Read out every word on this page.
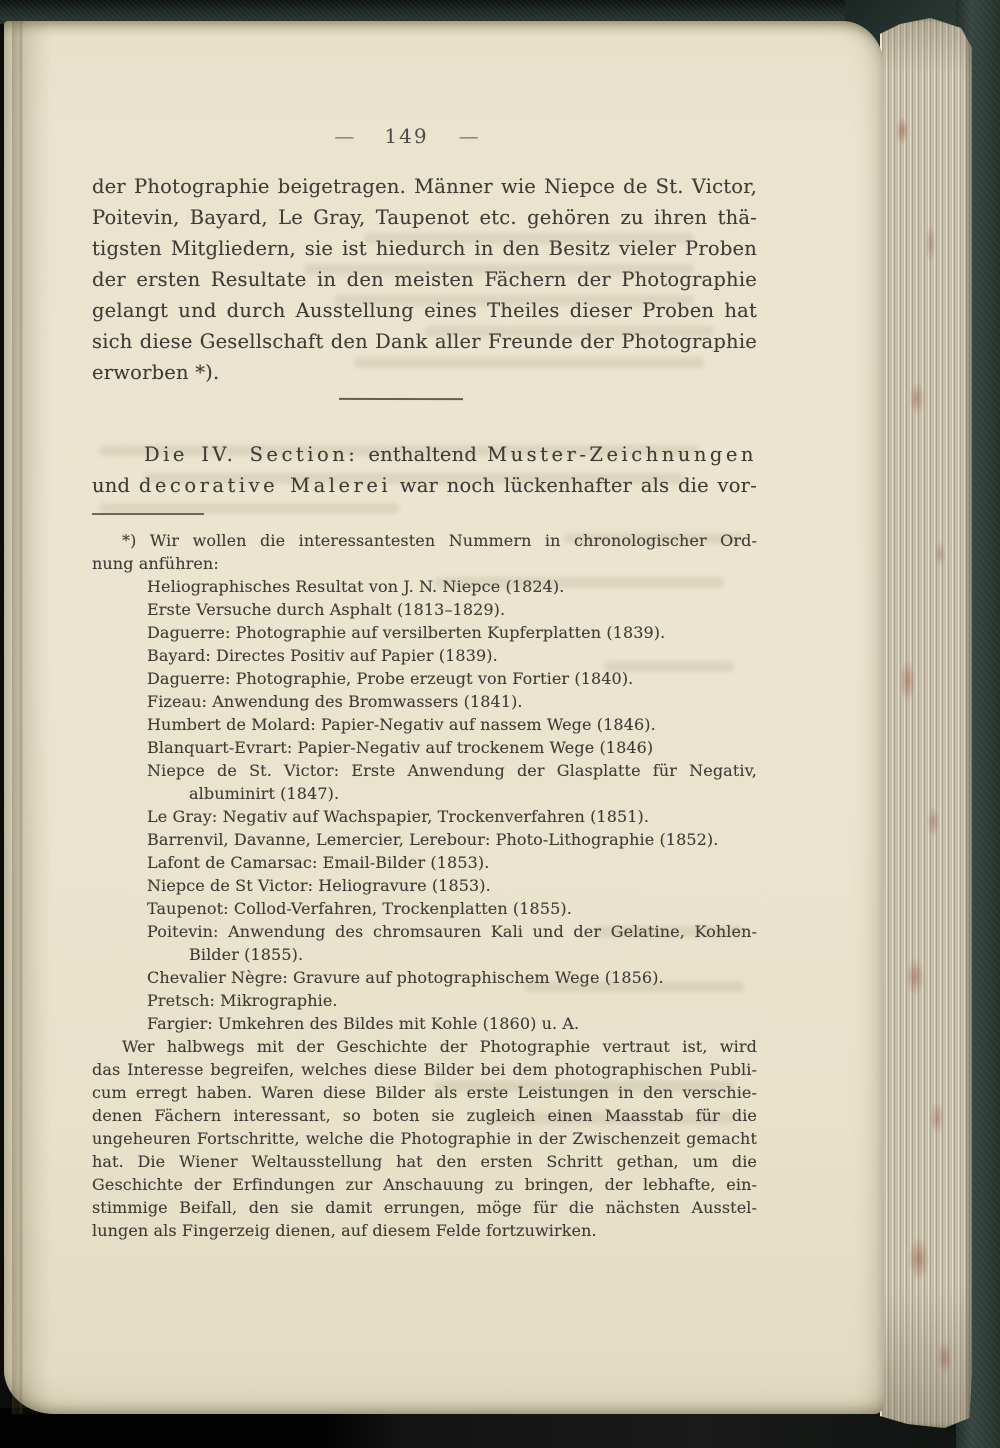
— 149 —
der Photographie beigetragen. Männer wie Niepce de St. Victor,
Poitevin, Bayard, Le Gray, Taupenot etc. gehören zu ihren thä-
tigsten Mitgliedern, sie ist hiedurch in den Besitz vieler Proben
der ersten Resultate in den meisten Fächern der Photographie
gelangt und durch Ausstellung eines Theiles dieser Proben hat
sich diese Gesellschaft den Dank aller Freunde der Photographie
erworben *).
Die IV. Section: enthaltend Muster-Zeichnungen
und decorative Malerei war noch lückenhafter als die vor-
*) Wir wollen die interessantesten Nummern in chronologischer Ord-
nung anführen:
Heliographisches Resultat von J. N. Niepce (1824).
Erste Versuche durch Asphalt (1813–1829).
Daguerre: Photographie auf versilberten Kupferplatten (1839).
Bayard: Directes Positiv auf Papier (1839).
Daguerre: Photographie, Probe erzeugt von Fortier (1840).
Fizeau: Anwendung des Bromwassers (1841).
Humbert de Molard: Papier-Negativ auf nassem Wege (1846).
Blanquart-Evrart: Papier-Negativ auf trockenem Wege (1846)
Niepce de St. Victor: Erste Anwendung der Glasplatte für Negativ,
albuminirt (1847).
Le Gray: Negativ auf Wachspapier, Trockenverfahren (1851).
Barrenvil, Davanne, Lemercier, Lerebour: Photo-Lithographie (1852).
Lafont de Camarsac: Email-Bilder (1853).
Niepce de St Victor: Heliogravure (1853).
Taupenot: Collod-Verfahren, Trockenplatten (1855).
Poitevin: Anwendung des chromsauren Kali und der Gelatine, Kohlen-
Bilder (1855).
Chevalier Nègre: Gravure auf photographischem Wege (1856).
Pretsch: Mikrographie.
Fargier: Umkehren des Bildes mit Kohle (1860) u. A.
Wer halbwegs mit der Geschichte der Photographie vertraut ist, wird
das Interesse begreifen, welches diese Bilder bei dem photographischen Publi-
cum erregt haben. Waren diese Bilder als erste Leistungen in den verschie-
denen Fächern interessant, so boten sie zugleich einen Maasstab für die
ungeheuren Fortschritte, welche die Photographie in der Zwischenzeit gemacht
hat. Die Wiener Weltausstellung hat den ersten Schritt gethan, um die
Geschichte der Erfindungen zur Anschauung zu bringen, der lebhafte, ein-
stimmige Beifall, den sie damit errungen, möge für die nächsten Ausstel-
lungen als Fingerzeig dienen, auf diesem Felde fortzuwirken.
